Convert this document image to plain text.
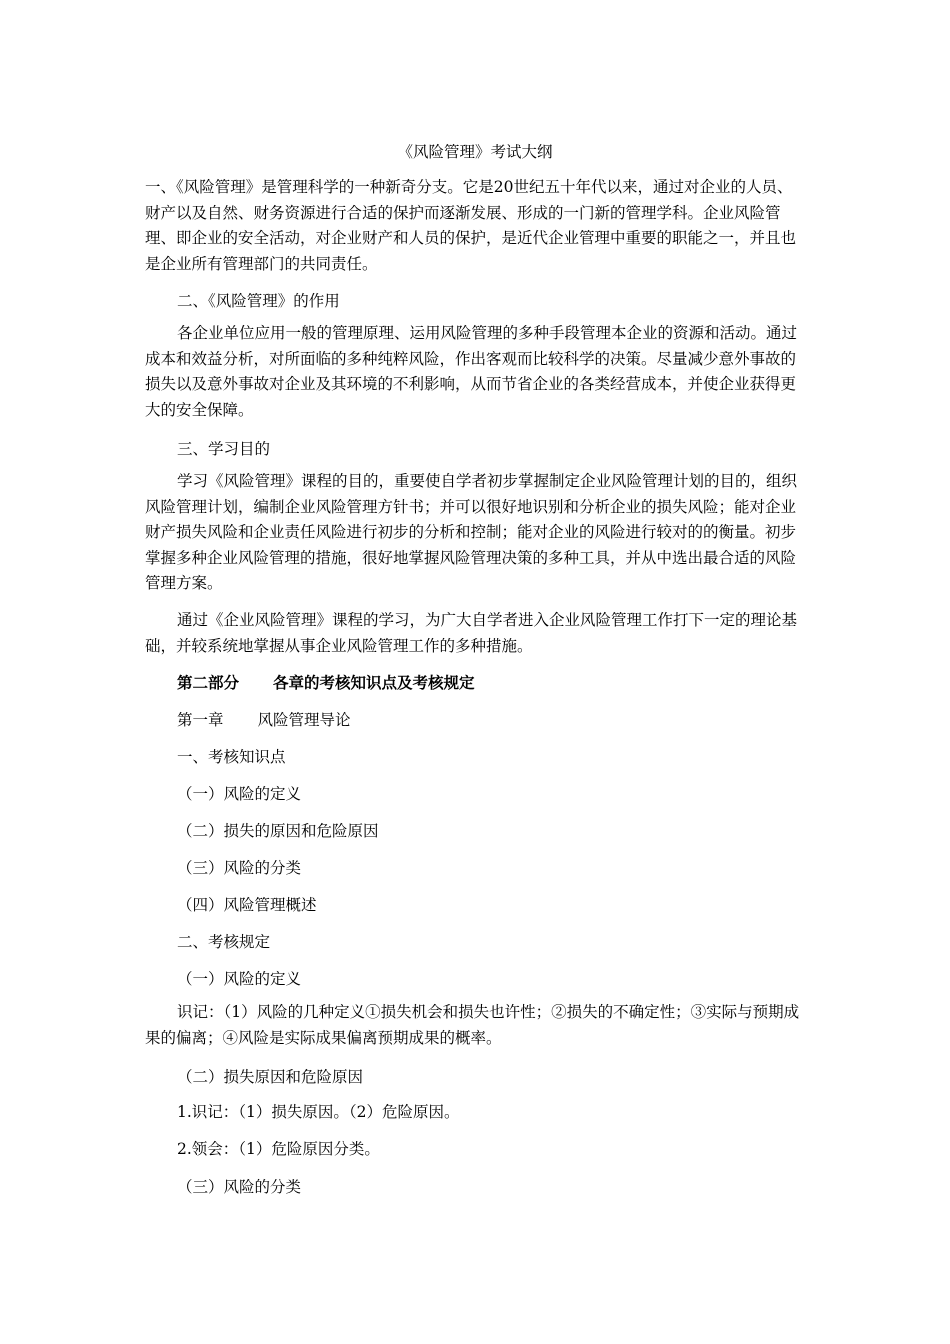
《风险管理》考试大纲

一、《风险管理》是管理科学的一种新奇分支。它是20世纪五十年代以来，通过对企业的人员、财产以及自然、财务资源进行合适的保护而逐渐发展、形成的一门新的管理学科。企业风险管理、即企业的安全活动，对企业财产和人员的保护，是近代企业管理中重要的职能之一，并且也是企业所有管理部门的共同责任。

二、《风险管理》的作用

各企业单位应用一般的管理原理、运用风险管理的多种手段管理本企业的资源和活动。通过成本和效益分析，对所面临的多种纯粹风险，作出客观而比较科学的决策。尽量减少意外事故的损失以及意外事故对企业及其环境的不利影响，从而节省企业的各类经营成本，并使企业获得更大的安全保障。

三、学习目的

学习《风险管理》课程的目的，重要使自学者初步掌握制定企业风险管理计划的目的，组织风险管理计划，编制企业风险管理方针书；并可以很好地识别和分析企业的损失风险；能对企业财产损失风险和企业责任风险进行初步的分析和控制；能对企业的风险进行较对的的衡量。初步掌握多种企业风险管理的措施，很好地掌握风险管理决策的多种工具，并从中选出最合适的风险管理方案。

通过《企业风险管理》课程的学习，为广大自学者进入企业风险管理工作打下一定的理论基础，并较系统地掌握从事企业风险管理工作的多种措施。

第二部分 各章的考核知识点及考核规定
第一章 风险管理导论
一、考核知识点
（一）风险的定义
（二）损失的原因和危险原因
（三）风险的分类
（四）风险管理概述
二、考核规定
（一）风险的定义

识记：（1）风险的几种定义①损失机会和损失也许性；②损失的不确定性；③实际与预期成果的偏离；④风险是实际成果偏离预期成果的概率。

（二）损失原因和危险原因
1.识记：（1）损失原因。（2）危险原因。
2.领会：（1）危险原因分类。
（三）风险的分类
